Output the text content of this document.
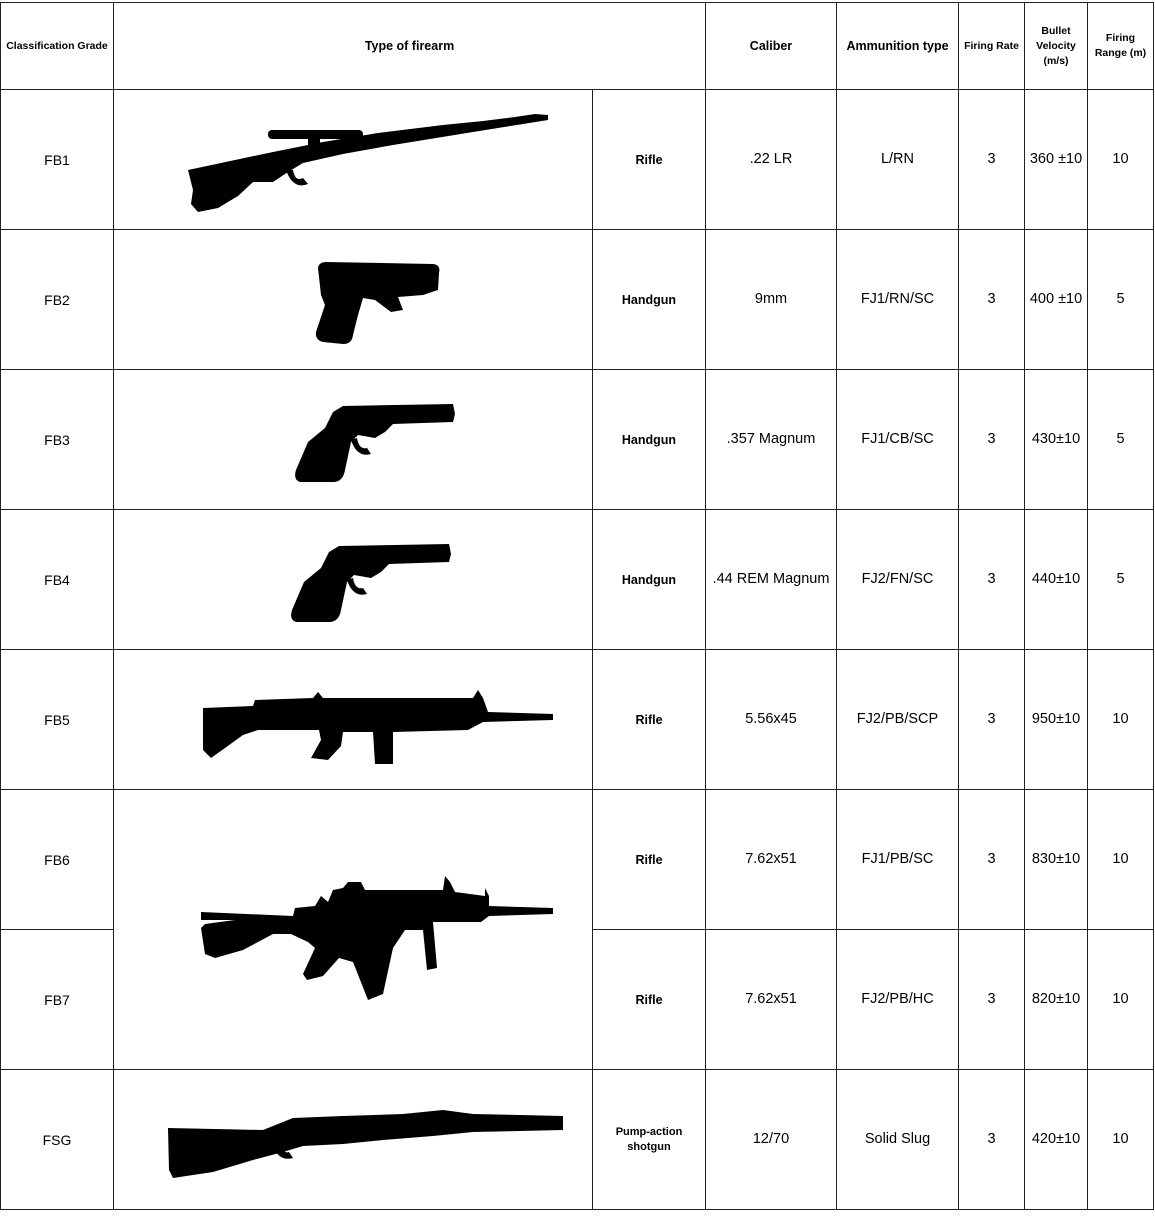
Classification Grade	Type of firearm		Caliber	Ammunition type	Firing Rate	Bullet Velocity (m/s)	Firing Range (m)
FB1		Rifle	.22 LR	L/RN	3	360 ±10	10
FB2		Handgun	9mm	FJ1/RN/SC	3	400 ±10	5
FB3		Handgun	.357 Magnum	FJ1/CB/SC	3	430±10	5
FB4		Handgun	.44 REM Magnum	FJ2/FN/SC	3	440±10	5
FB5		Rifle	5.56x45	FJ2/PB/SCP	3	950±10	10
FB6		Rifle	7.62x51	FJ1/PB/SC	3	830±10	10
FB7		Rifle	7.62x51	FJ2/PB/HC	3	820±10	10
FSG		Pump-action shotgun	12/70	Solid Slug	3	420±10	10
